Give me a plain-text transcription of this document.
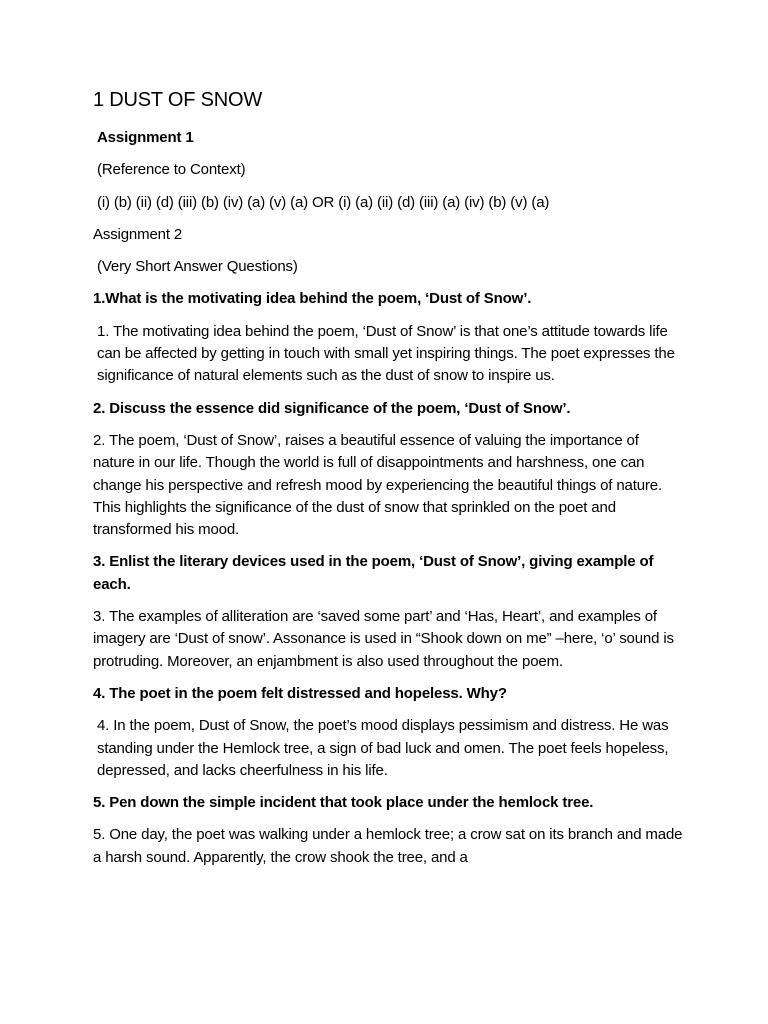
1 DUST OF SNOW
Assignment 1
(Reference to Context)
(i) (b) (ii) (d) (iii) (b) (iv) (a) (v) (a) OR (i) (a) (ii) (d) (iii) (a) (iv) (b) (v) (a)
Assignment 2
(Very Short Answer Questions)
1.What is the motivating idea behind the poem, ‘Dust of Snow’.
1. The motivating idea behind the poem, ‘Dust of Snow’ is that one’s attitude towards life can be affected by getting in touch with small yet inspiring things. The poet expresses the significance of natural elements such as the dust of snow to inspire us.
2. Discuss the essence did significance of the poem, ‘Dust of Snow’.
2. The poem, ‘Dust of Snow’, raises a beautiful essence of valuing the importance of nature in our life. Though the world is full of disappointments and harshness, one can change his perspective and refresh mood by experiencing the beautiful things of nature. This highlights the significance of the dust of snow that sprinkled on the poet and transformed his mood.
3. Enlist the literary devices used in the poem, ‘Dust of Snow’, giving example of each.
3. The examples of alliteration are ‘saved some part’ and ‘Has, Heart’, and examples of imagery are ‘Dust of snow’. Assonance is used in “Shook down on me” –here, ‘o’ sound is protruding. Moreover, an enjambment is also used throughout the poem.
4. The poet in the poem felt distressed and hopeless. Why?
4. In the poem, Dust of Snow, the poet’s mood displays pessimism and distress. He was standing under the Hemlock tree, a sign of bad luck and omen. The poet feels hopeless, depressed, and lacks cheerfulness in his life.
5. Pen down the simple incident that took place under the hemlock tree.
5. One day, the poet was walking under a hemlock tree; a crow sat on its branch and made a harsh sound. Apparently, the crow shook the tree, and a
